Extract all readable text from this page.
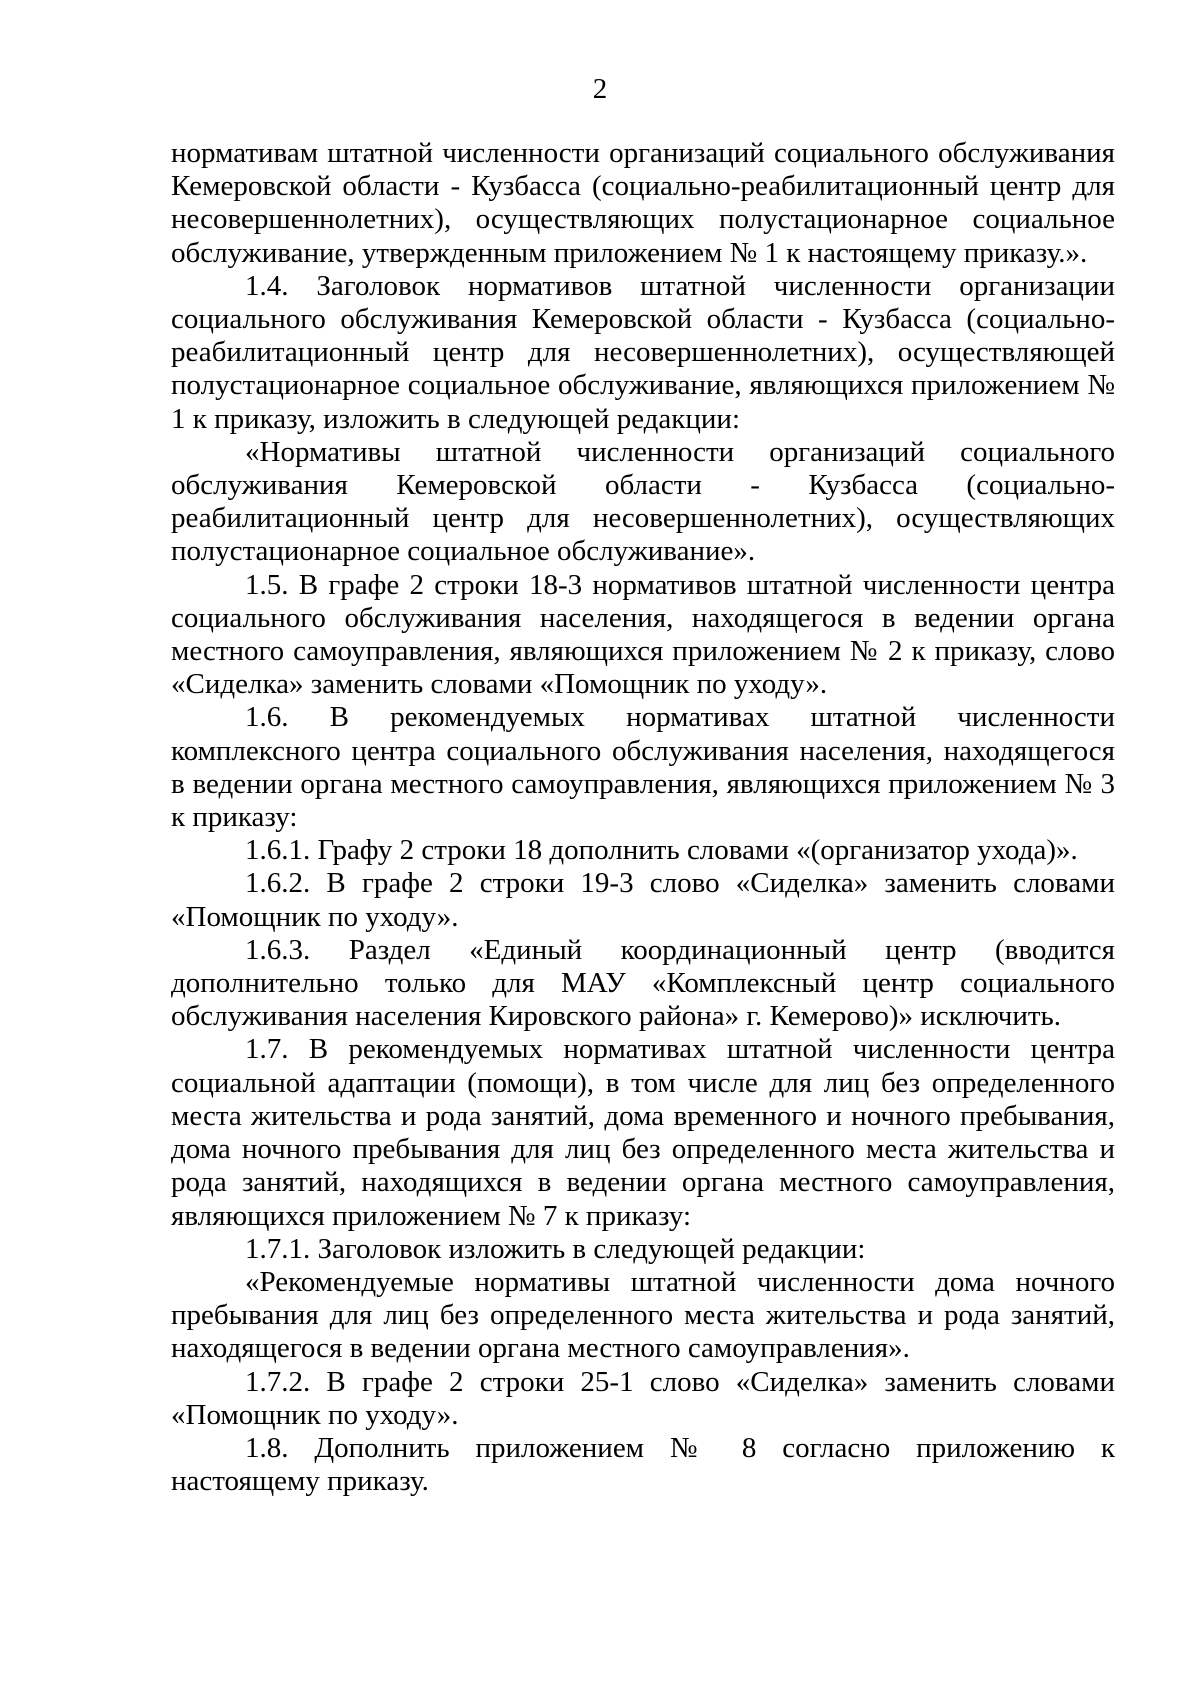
2

нормативам штатной численности организаций социального обслуживания Кемеровской области - Кузбасса (социально-реабилитационный центр для несовершеннолетних), осуществляющих полустационарное социальное обслуживание, утвержденным приложением № 1 к настоящему приказу.».

1.4. Заголовок нормативов штатной численности организации социального обслуживания Кемеровской области - Кузбасса (социально-реабилитационный центр для несовершеннолетних), осуществляющей полустационарное социальное обслуживание, являющихся приложением № 1 к приказу, изложить в следующей редакции:

«Нормативы штатной численности организаций социального обслуживания Кемеровской области - Кузбасса (социально-реабилитационный центр для несовершеннолетних), осуществляющих полустационарное социальное обслуживание».

1.5. В графе 2 строки 18-3 нормативов штатной численности центра социального обслуживания населения, находящегося в ведении органа местного самоуправления, являющихся приложением № 2 к приказу, слово «Сиделка» заменить словами «Помощник по уходу».

1.6. В рекомендуемых нормативах штатной численности комплексного центра социального обслуживания населения, находящегося в ведении органа местного самоуправления, являющихся приложением № 3 к приказу:

1.6.1. Графу 2 строки 18 дополнить словами «(организатор ухода)».

1.6.2. В графе 2 строки 19-3 слово «Сиделка» заменить словами «Помощник по уходу».

1.6.3. Раздел «Единый координационный центр (вводится дополнительно только для МАУ «Комплексный центр социального обслуживания населения Кировского района» г. Кемерово)» исключить.

1.7. В рекомендуемых нормативах штатной численности центра социальной адаптации (помощи), в том числе для лиц без определенного места жительства и рода занятий, дома временного и ночного пребывания, дома ночного пребывания для лиц без определенного места жительства и рода занятий, находящихся в ведении органа местного самоуправления, являющихся приложением № 7 к приказу:

1.7.1. Заголовок изложить в следующей редакции:

«Рекомендуемые нормативы штатной численности дома ночного пребывания для лиц без определенного места жительства и рода занятий, находящегося в ведении органа местного самоуправления».

1.7.2. В графе 2 строки 25-1 слово «Сиделка» заменить словами «Помощник по уходу».

1.8. Дополнить приложением № 8 согласно приложению к настоящему приказу.
